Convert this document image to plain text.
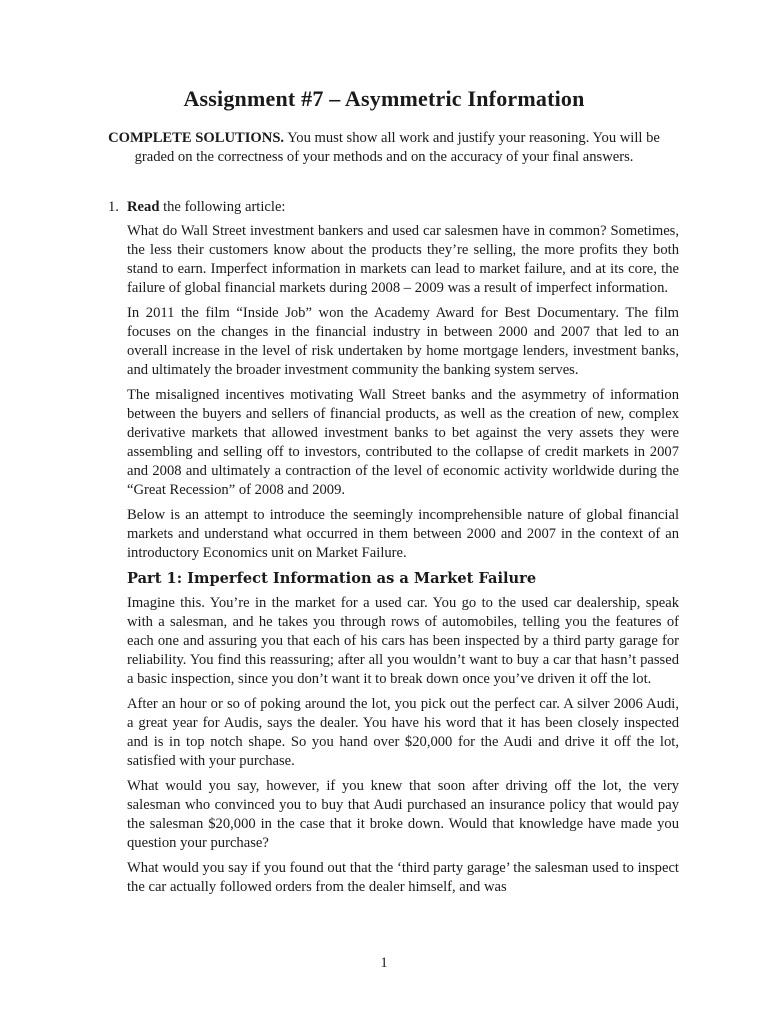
Assignment #7 – Asymmetric Information
COMPLETE SOLUTIONS. You must show all work and justify your reasoning. You will be graded on the correctness of your methods and on the accuracy of your final answers.
1. Read the following article:

What do Wall Street investment bankers and used car salesmen have in common? Sometimes, the less their customers know about the products they’re selling, the more profits they both stand to earn. Imperfect information in markets can lead to market failure, and at its core, the failure of global financial markets during 2008 – 2009 was a result of imperfect information.

In 2011 the film “Inside Job” won the Academy Award for Best Documentary. The film focuses on the changes in the financial industry in between 2000 and 2007 that led to an overall increase in the level of risk undertaken by home mortgage lenders, investment banks, and ultimately the broader investment community the banking system serves.

The misaligned incentives motivating Wall Street banks and the asymmetry of information between the buyers and sellers of financial products, as well as the creation of new, complex derivative markets that allowed investment banks to bet against the very assets they were assembling and selling off to investors, contributed to the collapse of credit markets in 2007 and 2008 and ultimately a contraction of the level of economic activity worldwide during the “Great Recession” of 2008 and 2009.

Below is an attempt to introduce the seemingly incomprehensible nature of global financial markets and understand what occurred in them between 2000 and 2007 in the context of an introductory Economics unit on Market Failure.

Part 1: Imperfect Information as a Market Failure

Imagine this. You’re in the market for a used car. You go to the used car dealership, speak with a salesman, and he takes you through rows of automobiles, telling you the features of each one and assuring you that each of his cars has been inspected by a third party garage for reliability. You find this reassuring; after all you wouldn’t want to buy a car that hasn’t passed a basic inspection, since you don’t want it to break down once you’ve driven it off the lot.

After an hour or so of poking around the lot, you pick out the perfect car. A silver 2006 Audi, a great year for Audis, says the dealer. You have his word that it has been closely inspected and is in top notch shape. So you hand over $20,000 for the Audi and drive it off the lot, satisfied with your purchase.

What would you say, however, if you knew that soon after driving off the lot, the very salesman who convinced you to buy that Audi purchased an insurance policy that would pay the salesman $20,000 in the case that it broke down. Would that knowledge have made you question your purchase?

What would you say if you found out that the ‘third party garage’ the salesman used to inspect the car actually followed orders from the dealer himself, and was

1
